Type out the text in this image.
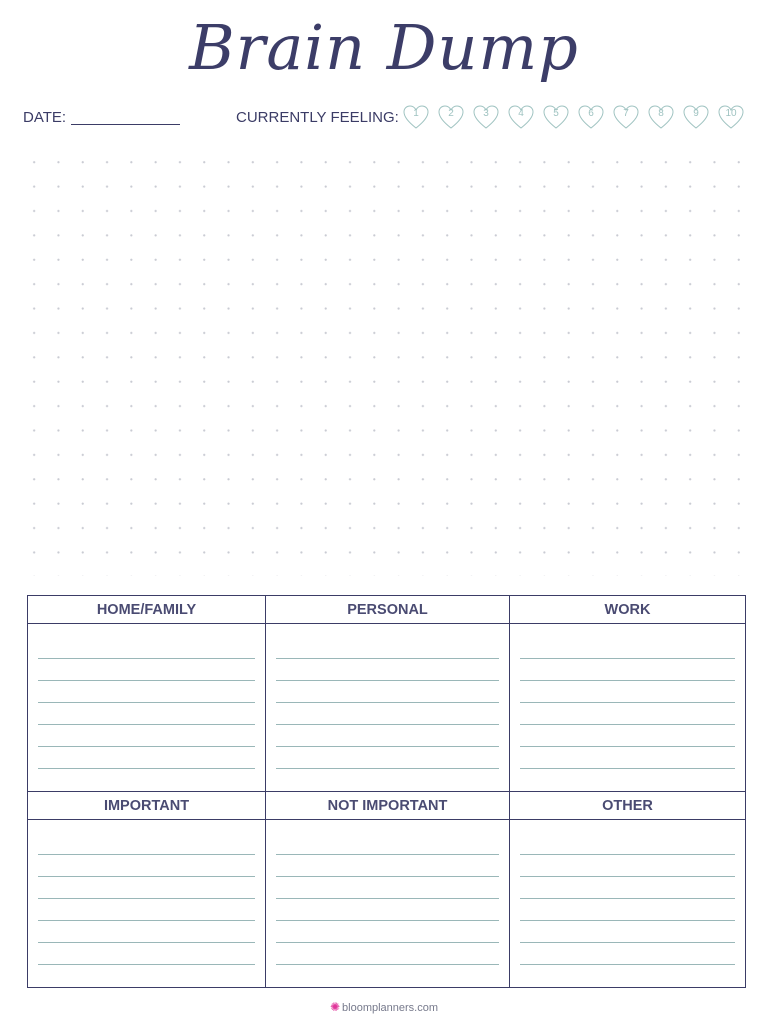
Brain Dump
DATE:	CURRENTLY FEELING:	1	2	3	4	5	6	7	8	9	10
HOME/FAMILY	PERSONAL	WORK
IMPORTANT	NOT IMPORTANT	OTHER
✺ bloomplanners.com
